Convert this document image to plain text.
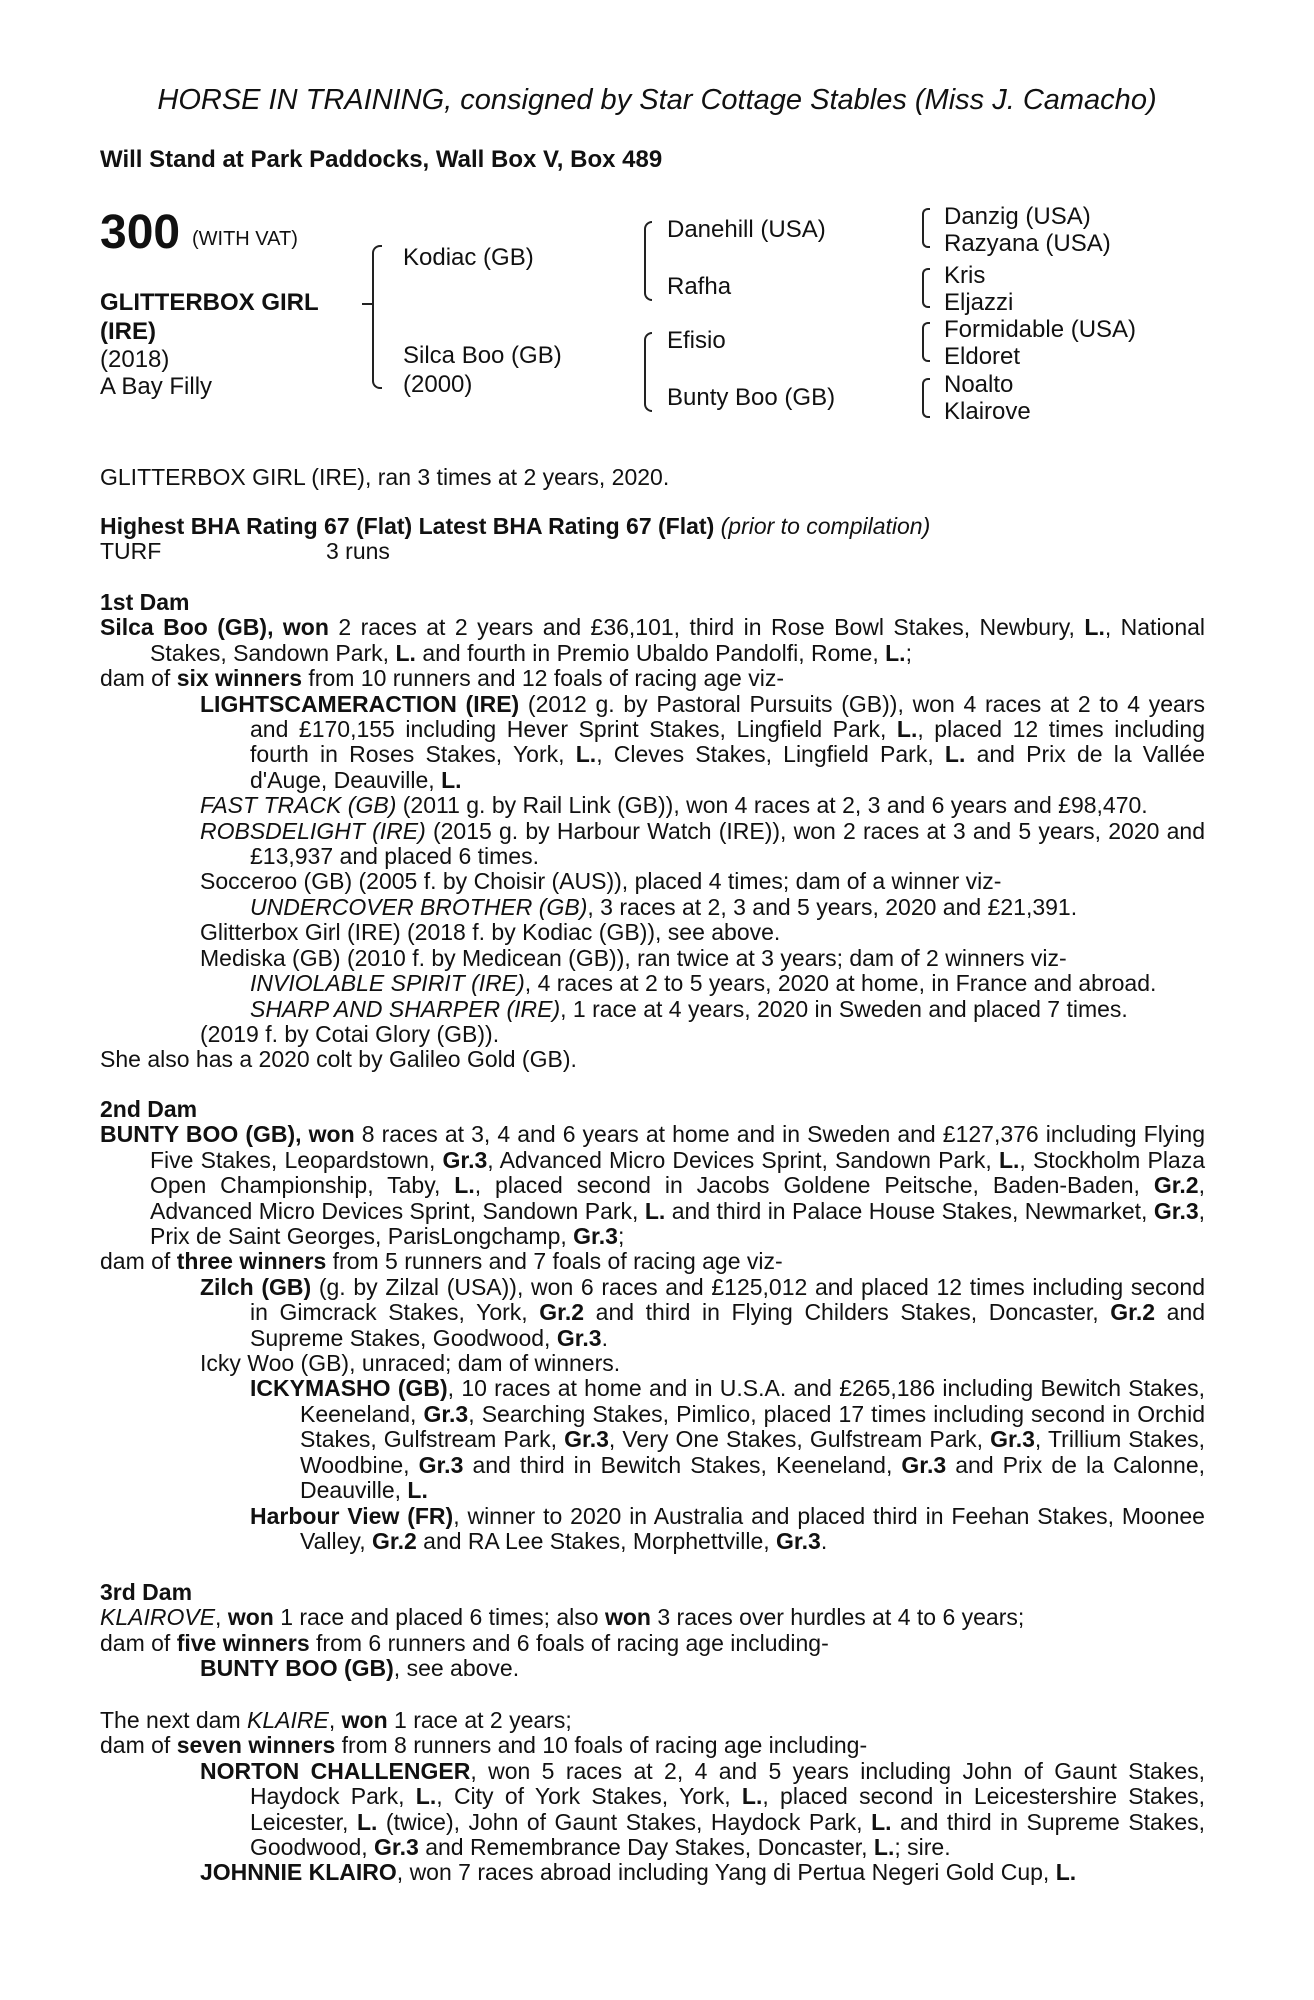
HORSE IN TRAINING, consigned by Star Cottage Stables (Miss J. Camacho)
Will Stand at Park Paddocks, Wall Box V, Box 489
300 (WITH VAT)
GLITTERBOX GIRL
(IRE)
(2018)
A Bay Filly
Kodiac (GB)
Silca Boo (GB)
(2000)
Danehill (USA)
Rafha
Efisio
Bunty Boo (GB)
Danzig (USA)
Razyana (USA)
Kris
Eljazzi
Formidable (USA)
Eldoret
Noalto
Klairove
GLITTERBOX GIRL (IRE), ran 3 times at 2 years, 2020.

Highest BHA Rating 67 (Flat) Latest BHA Rating 67 (Flat) (prior to compilation)

TURF	3 runs

1st Dam

Silca Boo (GB), won 2 races at 2 years and £36,101, third in Rose Bowl Stakes, Newbury, L., National Stakes, Sandown Park, L. and fourth in Premio Ubaldo Pandolfi, Rome, L.;

dam of six winners from 10 runners and 12 foals of racing age viz-

LIGHTSCAMERACTION (IRE) (2012 g. by Pastoral Pursuits (GB)), won 4 races at 2 to 4 years and £170,155 including Hever Sprint Stakes, Lingfield Park, L., placed 12 times including fourth in Roses Stakes, York, L., Cleves Stakes, Lingfield Park, L. and Prix de la Vallée d'Auge, Deauville, L.

FAST TRACK (GB) (2011 g. by Rail Link (GB)), won 4 races at 2, 3 and 6 years and £98,470.

ROBSDELIGHT (IRE) (2015 g. by Harbour Watch (IRE)), won 2 races at 3 and 5 years, 2020 and £13,937 and placed 6 times.

Socceroo (GB) (2005 f. by Choisir (AUS)), placed 4 times; dam of a winner viz-

UNDERCOVER BROTHER (GB), 3 races at 2, 3 and 5 years, 2020 and £21,391.

Glitterbox Girl (IRE) (2018 f. by Kodiac (GB)), see above.

Mediska (GB) (2010 f. by Medicean (GB)), ran twice at 3 years; dam of 2 winners viz-

INVIOLABLE SPIRIT (IRE), 4 races at 2 to 5 years, 2020 at home, in France and abroad.

SHARP AND SHARPER (IRE), 1 race at 4 years, 2020 in Sweden and placed 7 times.

(2019 f. by Cotai Glory (GB)).

She also has a 2020 colt by Galileo Gold (GB).

2nd Dam

BUNTY BOO (GB), won 8 races at 3, 4 and 6 years at home and in Sweden and £127,376 including Flying Five Stakes, Leopardstown, Gr.3, Advanced Micro Devices Sprint, Sandown Park, L., Stockholm Plaza Open Championship, Taby, L., placed second in Jacobs Goldene Peitsche, Baden-Baden, Gr.2, Advanced Micro Devices Sprint, Sandown Park, L. and third in Palace House Stakes, Newmarket, Gr.3, Prix de Saint Georges, ParisLongchamp, Gr.3;

dam of three winners from 5 runners and 7 foals of racing age viz-

Zilch (GB) (g. by Zilzal (USA)), won 6 races and £125,012 and placed 12 times including second in Gimcrack Stakes, York, Gr.2 and third in Flying Childers Stakes, Doncaster, Gr.2 and Supreme Stakes, Goodwood, Gr.3.

Icky Woo (GB), unraced; dam of winners.

ICKYMASHO (GB), 10 races at home and in U.S.A. and £265,186 including Bewitch Stakes, Keeneland, Gr.3, Searching Stakes, Pimlico, placed 17 times including second in Orchid Stakes, Gulfstream Park, Gr.3, Very One Stakes, Gulfstream Park, Gr.3, Trillium Stakes, Woodbine, Gr.3 and third in Bewitch Stakes, Keeneland, Gr.3 and Prix de la Calonne, Deauville, L.

Harbour View (FR), winner to 2020 in Australia and placed third in Feehan Stakes, Moonee Valley, Gr.2 and RA Lee Stakes, Morphettville, Gr.3.

3rd Dam

KLAIROVE, won 1 race and placed 6 times; also won 3 races over hurdles at 4 to 6 years;

dam of five winners from 6 runners and 6 foals of racing age including-

BUNTY BOO (GB), see above.

The next dam KLAIRE, won 1 race at 2 years;

dam of seven winners from 8 runners and 10 foals of racing age including-

NORTON CHALLENGER, won 5 races at 2, 4 and 5 years including John of Gaunt Stakes, Haydock Park, L., City of York Stakes, York, L., placed second in Leicestershire Stakes, Leicester, L. (twice), John of Gaunt Stakes, Haydock Park, L. and third in Supreme Stakes, Goodwood, Gr.3 and Remembrance Day Stakes, Doncaster, L.; sire.

JOHNNIE KLAIRO, won 7 races abroad including Yang di Pertua Negeri Gold Cup, L.
